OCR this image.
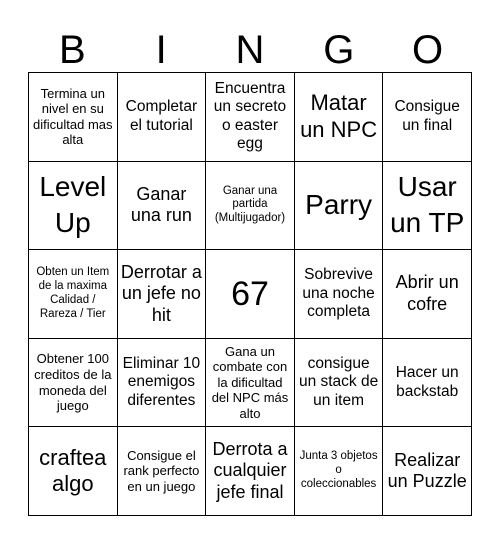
B	I	N	G	O
Termina un nivel en su dificultad mas alta
Completar el tutorial
Encuentra un secreto o easter egg
Matar un NPC
Consigue un final
Level Up
Ganar una run
Ganar una partida (Multijugador) Parry
Usar un TP
Obten un Item de la maxima Calidad / Rareza / Tier
Derrotar a un jefe no hit
67	Sobrevive una noche completa
Abrir un cofre
Obtener 100 creditos de la moneda del juego
Eliminar 10 enemigos diferentes
Gana un combate con la dificultad del NPC más alto
consigue un stack de un item
Hacer un backstab
craftea algo
Consigue el rank perfecto en un juego
Derrota a cualquier jefe final
Junta 3 objetos o coleccionables
Realizar un Puzzle
